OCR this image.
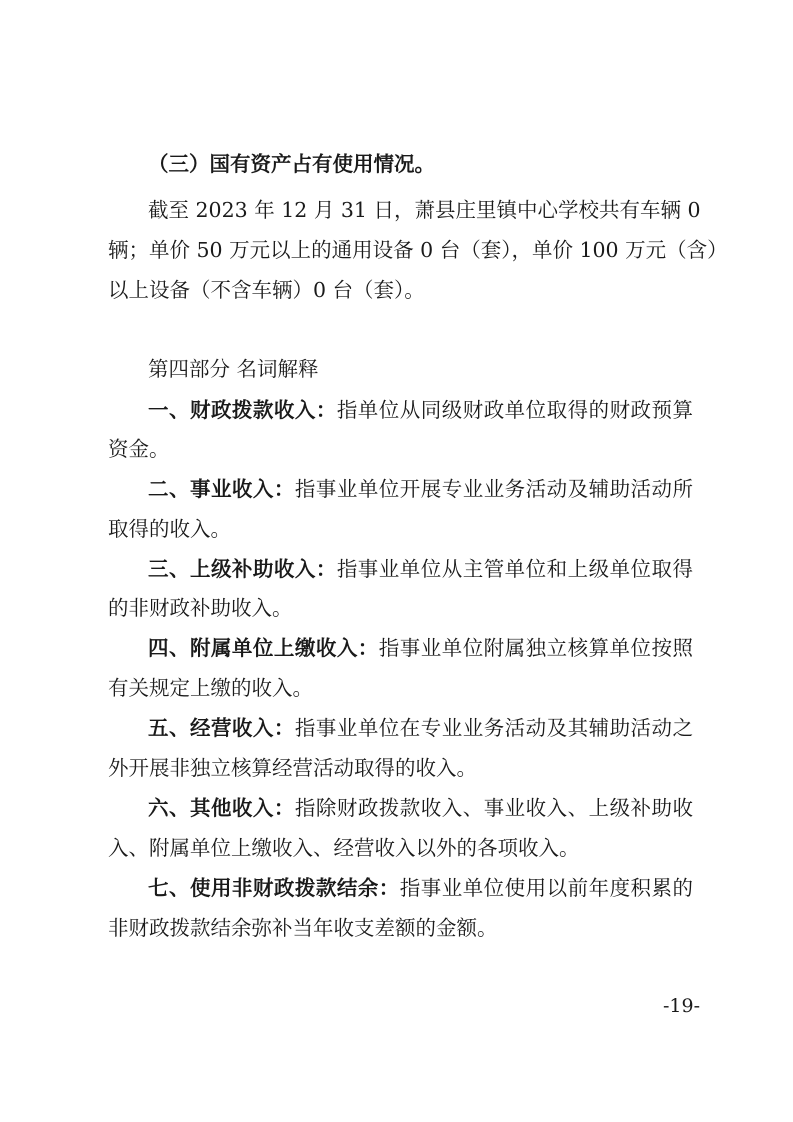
（三）国有资产占有使用情况。
截至 2023 年 12 月 31 日，萧县庄里镇中心学校共有车辆 0
辆；单价 50 万元以上的通用设备 0 台（套），单价 100 万元（含）
以上设备（不含车辆）0 台（套）。
第四部分 名词解释
一、财政拨款收入：指单位从同级财政单位取得的财政预算
资金。
二、事业收入：指事业单位开展专业业务活动及辅助活动所
取得的收入。
三、上级补助收入：指事业单位从主管单位和上级单位取得
的非财政补助收入。
四、附属单位上缴收入：指事业单位附属独立核算单位按照
有关规定上缴的收入。
五、经营收入：指事业单位在专业业务活动及其辅助活动之
外开展非独立核算经营活动取得的收入。
六、其他收入：指除财政拨款收入、事业收入、上级补助收
入、附属单位上缴收入、经营收入以外的各项收入。
七、使用非财政拨款结余：指事业单位使用以前年度积累的
非财政拨款结余弥补当年收支差额的金额。
-19-
